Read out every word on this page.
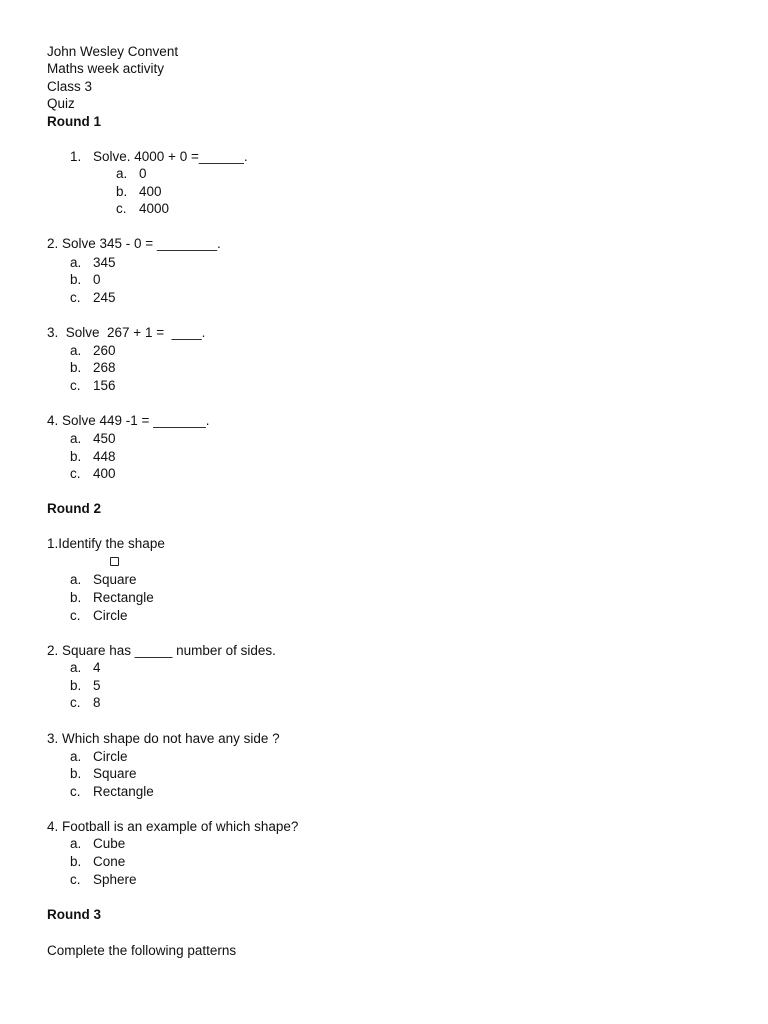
John Wesley Convent
Maths week activity
Class 3
Quiz
Round 1
1. Solve. 4000 + 0 =______.
a. 0
b. 400
c. 4000
2. Solve 345 - 0 = ________.
a. 345
b. 0
c. 245
3.  Solve  267 + 1 =  ____.
a. 260
b. 268
c. 156
4. Solve 449 -1 = _______.
a. 450
b. 448
c. 400
Round 2
1.Identify the shape
a. Square
b. Rectangle
c. Circle
2. Square has _____ number of sides.
a. 4
b. 5
c. 8
3. Which shape do not have any side ?
a. Circle
b. Square
c. Rectangle
4. Football is an example of which shape?
a. Cube
b. Cone
c. Sphere
Round 3
Complete the following patterns
